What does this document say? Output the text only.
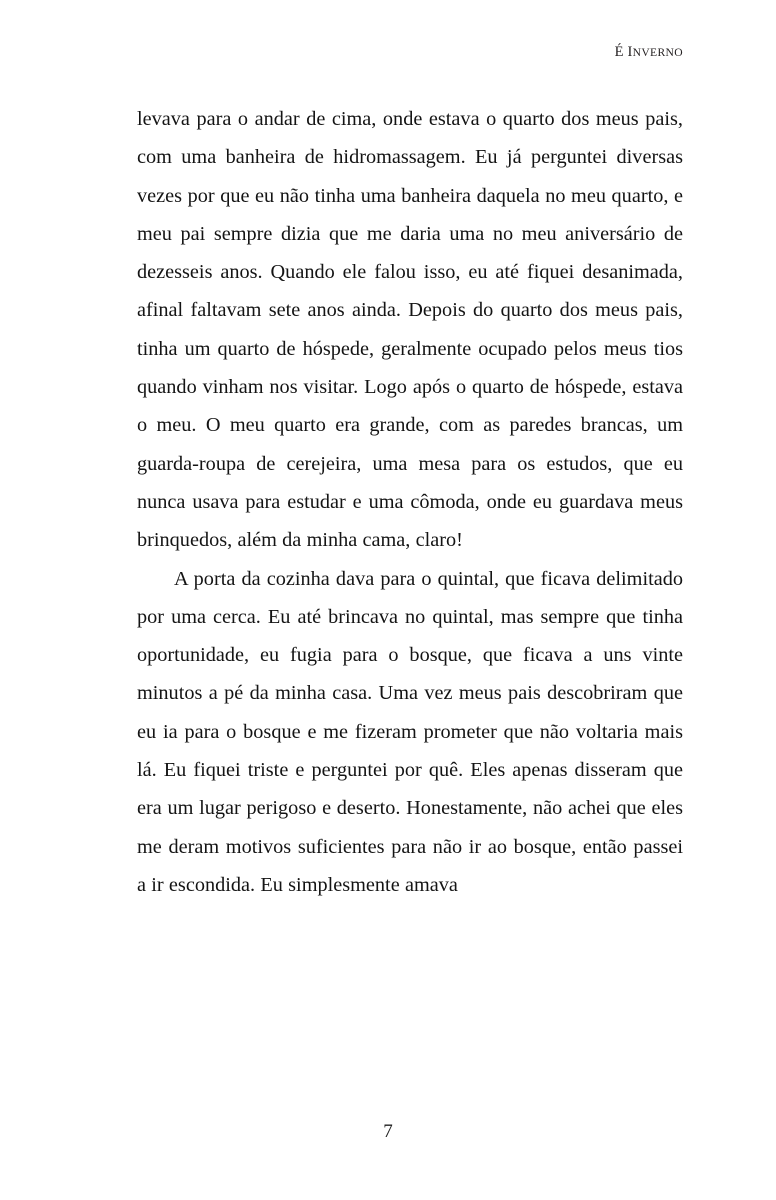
É INVERNO

levava para o andar de cima, onde estava o quarto dos meus pais, com uma banheira de hidromassagem. Eu já perguntei diversas vezes por que eu não tinha uma banheira daquela no meu quarto, e meu pai sempre dizia que me daria uma no meu aniversário de dezesseis anos. Quando ele falou isso, eu até fiquei desanimada, afinal faltavam sete anos ainda. Depois do quarto dos meus pais, tinha um quarto de hóspede, geralmente ocupado pelos meus tios quando vinham nos visitar. Logo após o quarto de hóspede, estava o meu. O meu quarto era grande, com as paredes brancas, um guarda-roupa de cerejeira, uma mesa para os estudos, que eu nunca usava para estudar e uma cômoda, onde eu guardava meus brinquedos, além da minha cama, claro!

A porta da cozinha dava para o quintal, que ficava delimitado por uma cerca. Eu até brincava no quintal, mas sempre que tinha oportunidade, eu fugia para o bosque, que ficava a uns vinte minutos a pé da minha casa. Uma vez meus pais descobriram que eu ia para o bosque e me fizeram prometer que não voltaria mais lá. Eu fiquei triste e perguntei por quê. Eles apenas disseram que era um lugar perigoso e deserto. Honestamente, não achei que eles me deram motivos suficientes para não ir ao bosque, então passei a ir escondida. Eu simplesmente amava

7
